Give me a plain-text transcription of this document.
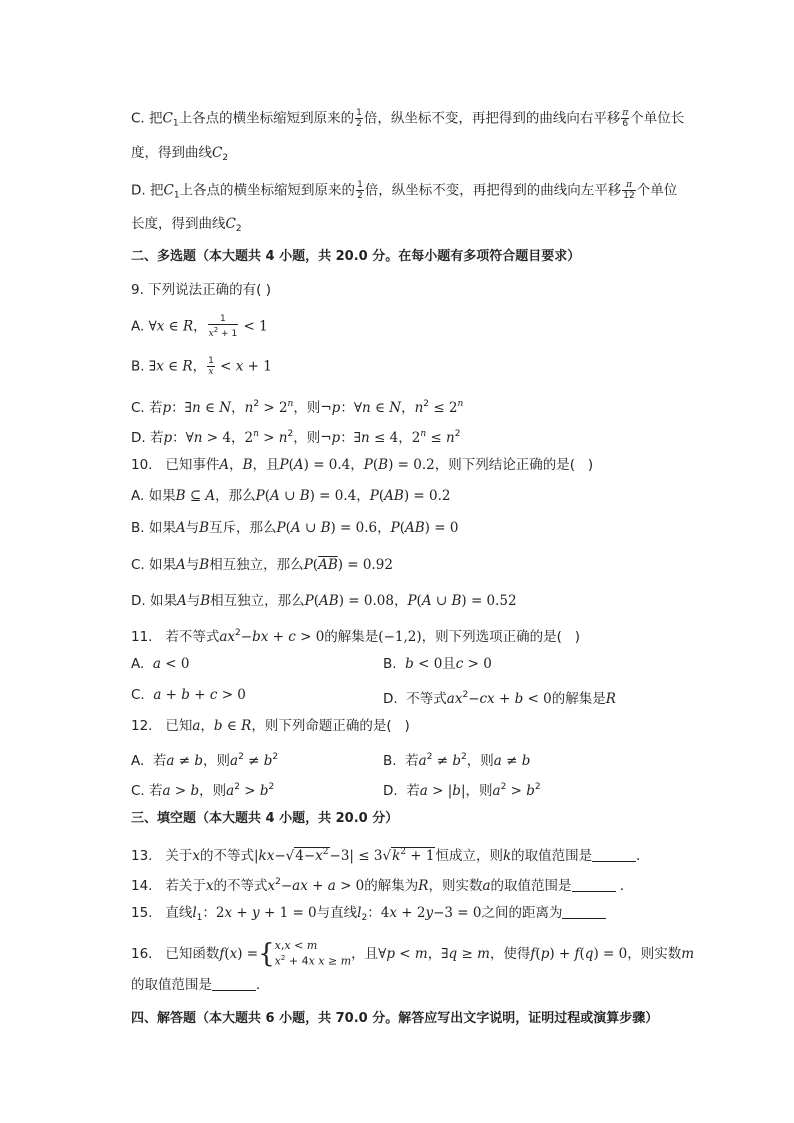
C. 把$C_1$上各点的横坐标缩短到原来的 $\frac{1}{2}$ 倍，纵坐标不变，再把得到的曲线向右平移 $\frac{\pi}{6}$ 个单位长
度，得到曲线$C_2$
D. 把$C_1$上各点的横坐标缩短到原来的 $\frac{1}{2}$ 倍，纵坐标不变，再把得到的曲线向左平移 $\frac{\pi}{12}$ 个单位
长度，得到曲线$C_2$
二、多选题（本大题共 4 小题，共 20.0 分。在每小题有多项符合题目要求）
9. 下列说法正确的有( )
A. ∀x ∈ R， $\frac{1}{x^2 + 1} < 1$
B. ∃x ∈ R， $\frac{1}{x} < x + 1$
C. 若p：∃n ∈ N，$n^2 > 2^n$，则¬p：∀n ∈ N，$n^2 \le 2^n$
D. 若p：∀n > 4，$2^n > n^2$，则¬p：∃n ≤ 4，$2^n \le n^2$
10.   已知事件A，B，且P(A) = 0.4，P(B) = 0.2，则下列结论正确的是(   )
A. 如果B ⊆ A，那么P(A ∪ B) = 0.4，P(AB) = 0.2
B. 如果A与B互斥，那么P(A ∪ B) = 0.6，P(AB) = 0
C. 如果A与B相互独立，那么$P(\overline{A}\overline{B}) = 0.92$
D. 如果A与B相互独立，那么P(AB) = 0.08，P(A ∪ B) = 0.52
11.   若不等式$ax^2-bx + c > 0$的解集是(−1,2)，则下列选项正确的是(   )
A.  a < 0	B.  b < 0且c > 0
C.  a + b + c > 0	D.  不等式$ax^2-cx + b < 0$的解集是R
12.   已知a，b ∈ R，则下列命题正确的是(   )
A.  若a ≠ b，则$a^2 \ne b^2$	B.  若$a^2 \ne b^2$，则a ≠ b
C. 若a > b，则$a^2 > b^2$	D.  若a > |b|，则$a^2 > b^2$
三、填空题（本大题共 4 小题，共 20.0 分）
13.   关于x的不等式$|kx-√4-x^2-3| \le 3√k^2 + 1$恒成立，则k的取值范围是	．
14.   若关于x的不等式$x^2-ax + a > 0$的解集为R，则实数a的取值范围是	．
15.   直线$l_1$：2x + y + 1 = 0与直线$l_2$：4x + 2y−3 = 0之间的距离为
16.   已知函数f(x) ={x,x < m
$x^2 + 4x$ x ≥ m，且∀p < m，∃q ≥ m，使得f(p) + f(q) = 0，则实数m
的取值范围是	．
四、解答题（本大题共 6 小题，共 70.0 分。解答应写出文字说明，证明过程或演算步骤）
